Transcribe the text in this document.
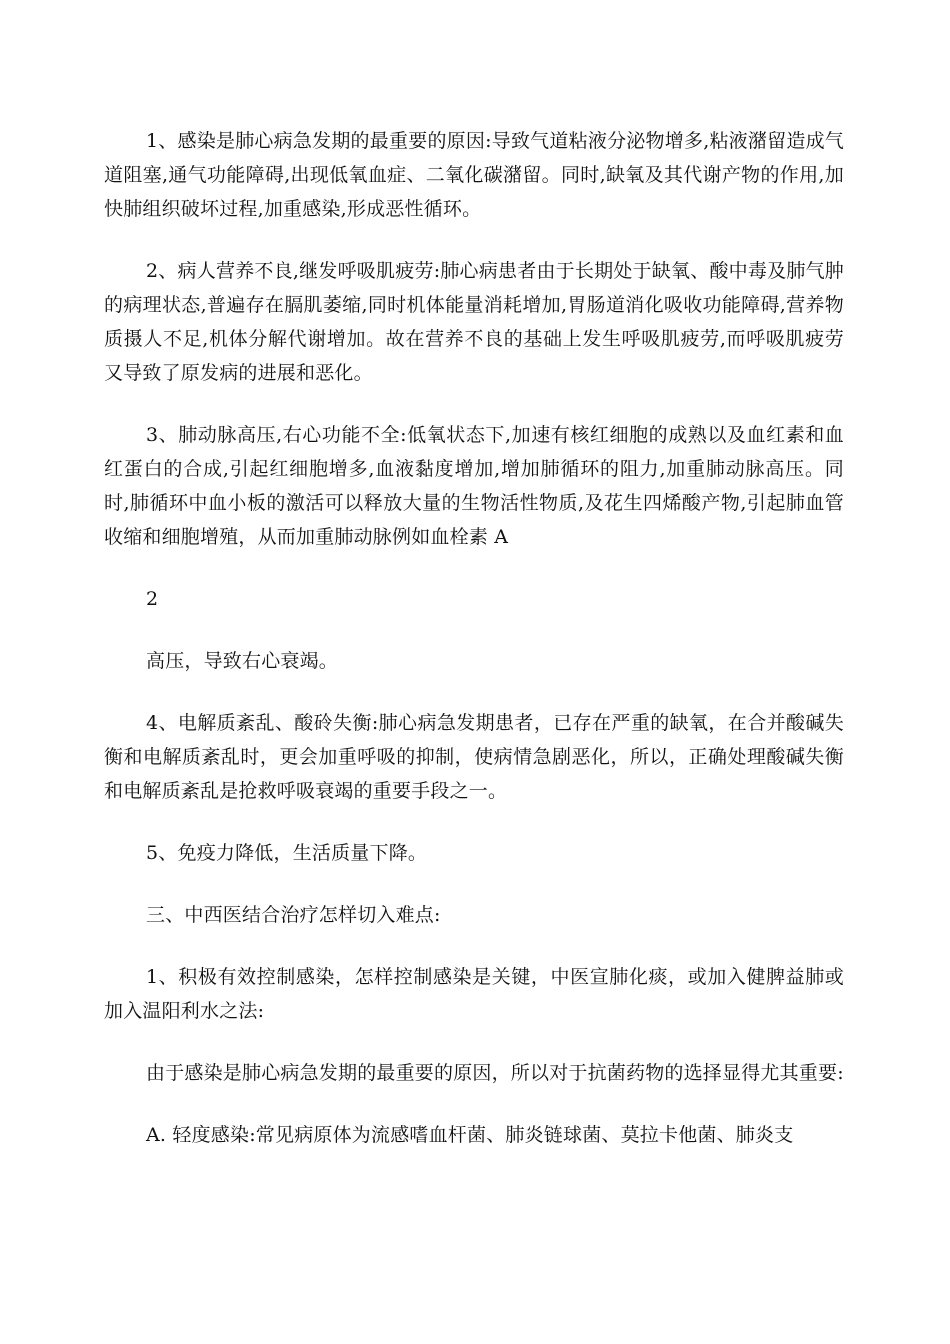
1、感染是肺心病急发期的最重要的原因:导致气道粘液分泌物增多,粘液潴留造成气道阻塞,通气功能障碍,出现低氧血症、二氧化碳潴留。同时,缺氧及其代谢产物的作用,加快肺组织破坏过程,加重感染,形成恶性循环。

2、病人营养不良,继发呼吸肌疲劳:肺心病患者由于长期处于缺氧、酸中毒及肺气肿的病理状态,普遍存在膈肌萎缩,同时机体能量消耗增加,胃肠道消化吸收功能障碍,营养物质摄人不足,机体分解代谢增加。故在营养不良的基础上发生呼吸肌疲劳,而呼吸肌疲劳又导致了原发病的进展和恶化。

3、肺动脉高压,右心功能不全:低氧状态下,加速有核红细胞的成熟以及血红素和血红蛋白的合成,引起红细胞增多,血液黏度增加,增加肺循环的阻力,加重肺动脉高压。同时,肺循环中血小板的激活可以释放大量的生物活性物质,及花生四烯酸产物,引起肺血管收缩和细胞增殖，从而加重肺动脉例如血栓素 A

2

高压，导致右心衰竭。

4、电解质紊乱、酸砱失衡:肺心病急发期患者，已存在严重的缺氧，在合并酸碱失衡和电解质紊乱时，更会加重呼吸的抑制，使病情急剧恶化，所以，正确处理酸碱失衡和电解质紊乱是抢救呼吸衰竭的重要手段之一。

5、免疫力降低，生活质量下降。

三、中西医结合治疗怎样切入难点:

1、积极有效控制感染，怎样控制感染是关键，中医宣肺化痰，或加入健脾益肺或加入温阳利水之法:

由于感染是肺心病急发期的最重要的原因，所以对于抗菌药物的选择显得尤其重要:

A. 轻度感染:常见病原体为流感嗜血杆菌、肺炎链球菌、莫拉卡他菌、肺炎支
